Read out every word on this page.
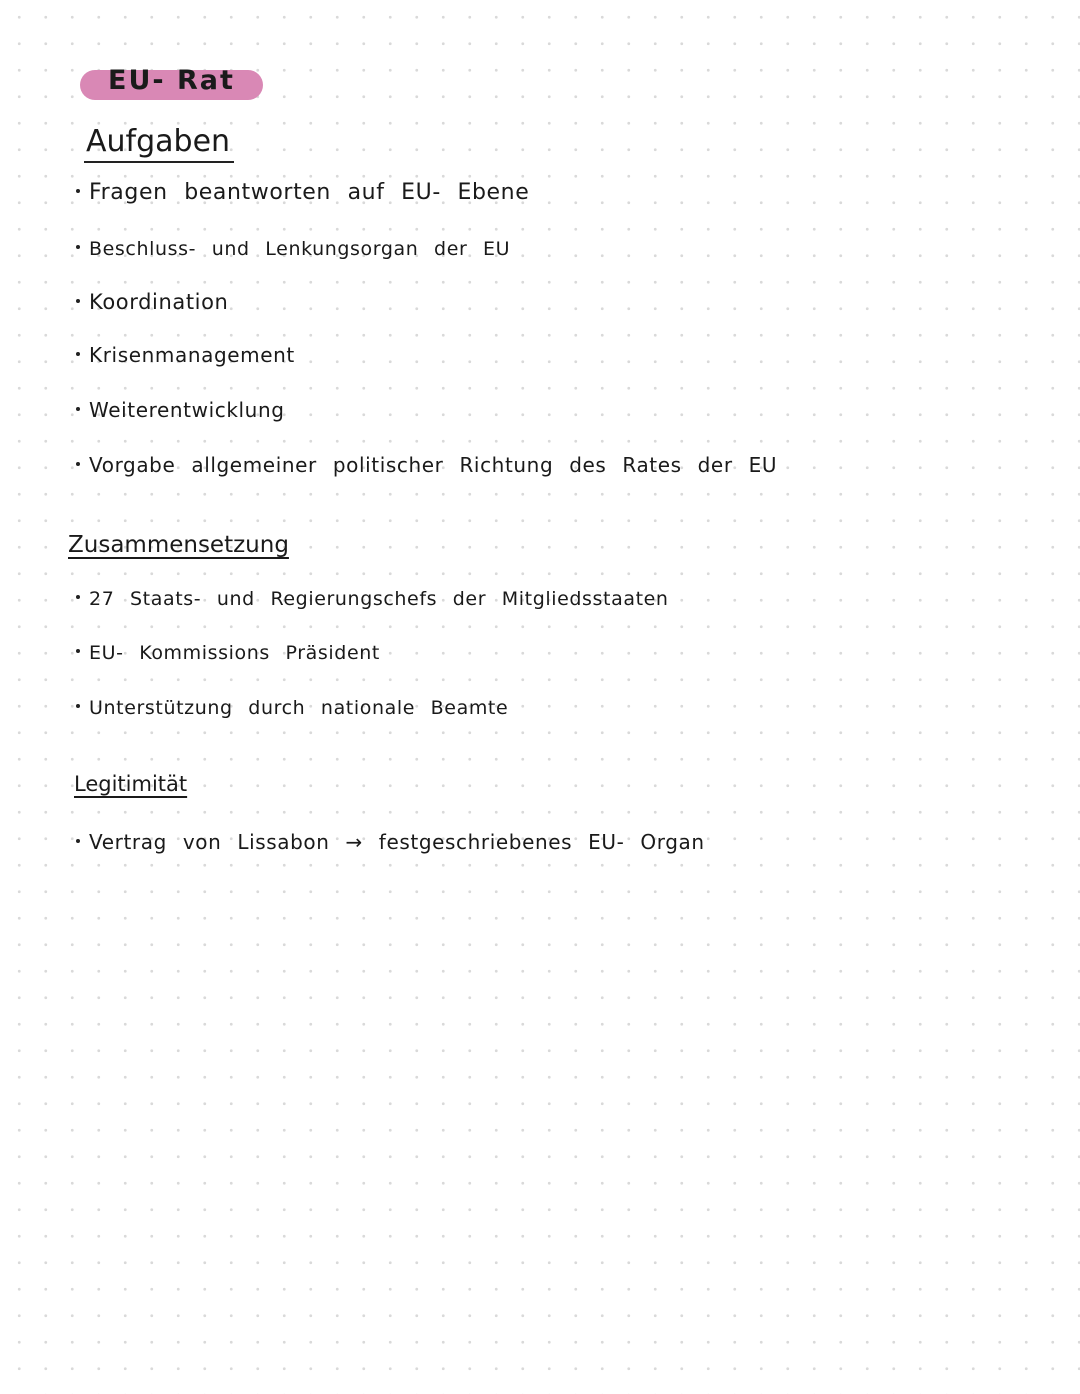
EU- Rat
Aufgaben
Fragen beantworten auf EU- Ebene
Beschluss- und Lenkungsorgan der EU
Koordination
Krisenmanagement
Weiterentwicklung
Vorgabe allgemeiner politischer Richtung des Rates der EU
Zusammensetzung
27 Staats- und Regierungschefs der Mitgliedsstaaten
EU- Kommissions Präsident
Unterstützung durch nationale Beamte
Legitimität
Vertrag von Lissabon → festgeschriebenes EU- Organ
